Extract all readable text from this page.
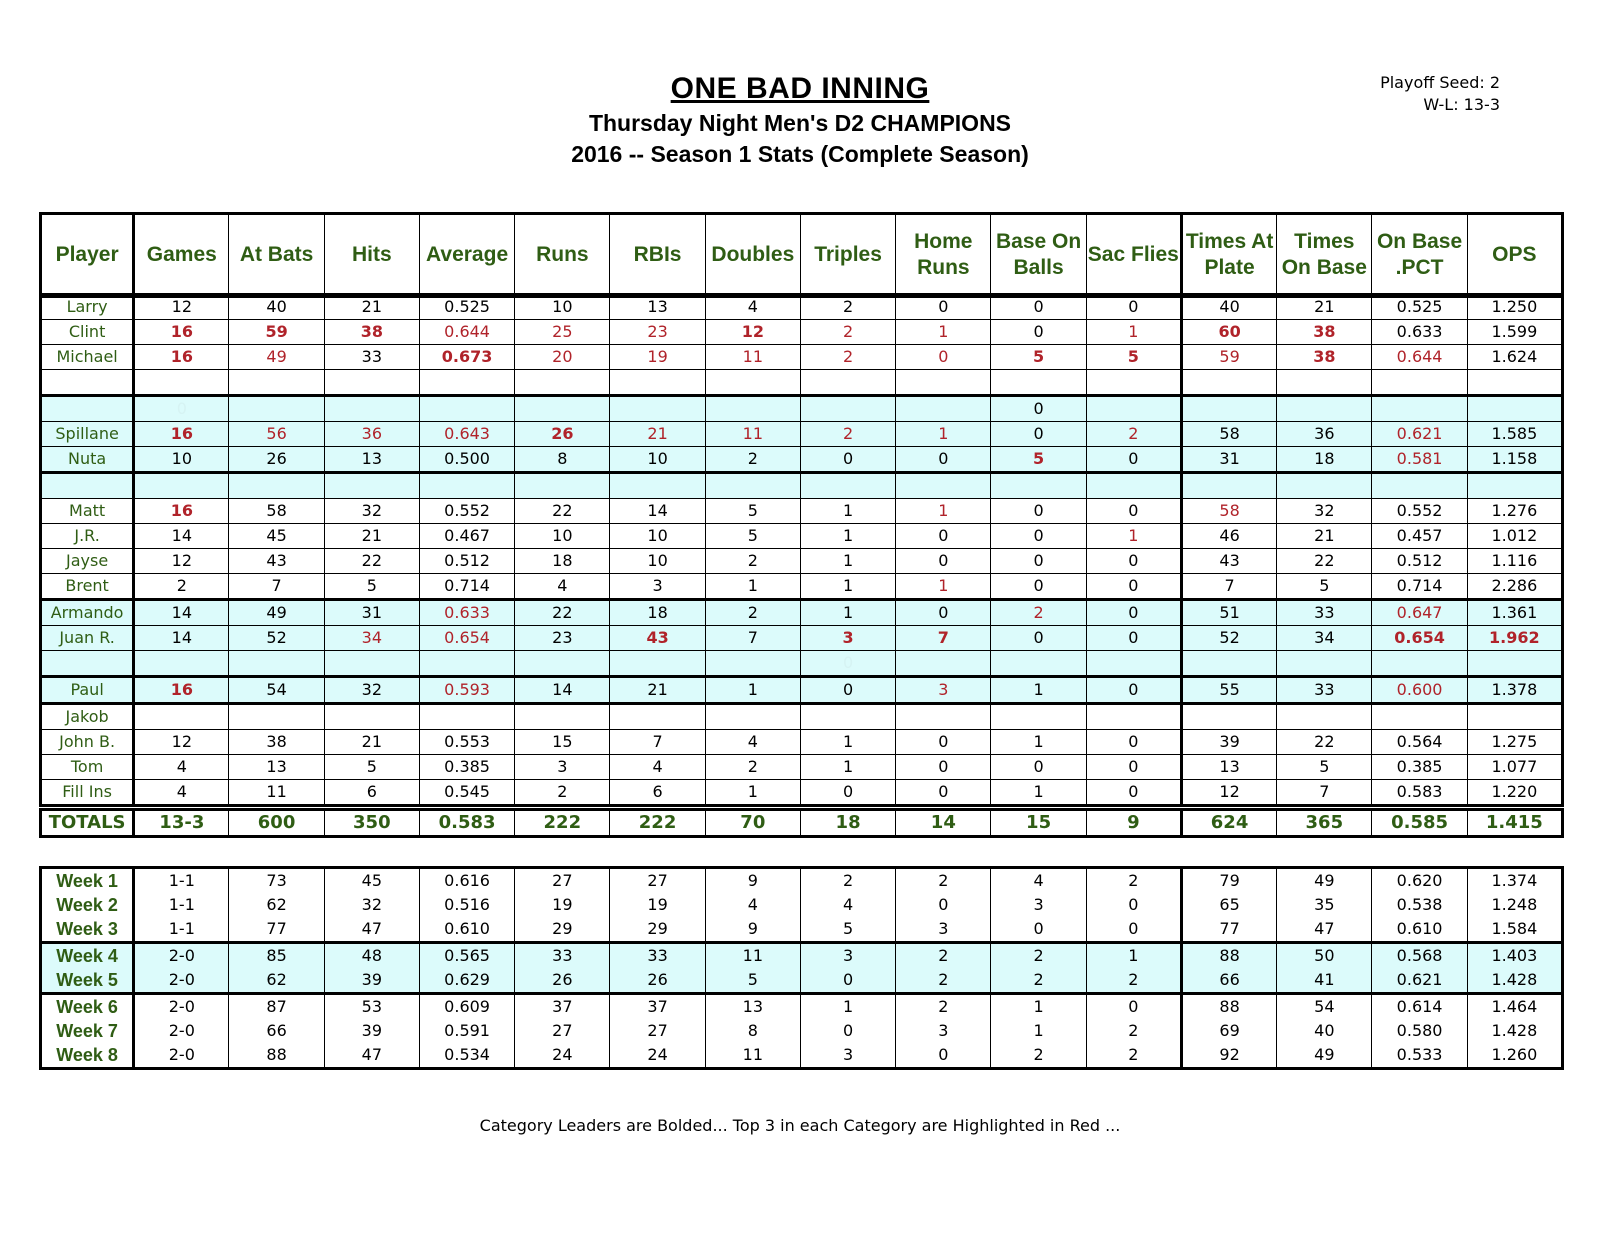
ONE BAD INNING

Thursday Night Men's D2 CHAMPIONS

2016 -- Season 1 Stats (Complete Season)

Playoff Seed: 2
W-L: 13-3
Player	Games	At Bats	Hits	Average	Runs	RBIs	Doubles	Triples	Home Runs	Base On Balls	Sac Flies	Times At Plate	Times On Base	On Base .PCT	OPS
Larry	12	40	21	0.525	10	13	4	2	0	0	0	40	21	0.525	1.250
Clint	16	59	38	0.644	25	23	12	2	1	0	1	60	38	0.633	1.599
Michael	16	49	33	0.673	20	19	11	2	0	5	5	59	38	0.644	1.624

	0									0					
Spillane	16	56	36	0.643	26	21	11	2	1	0	2	58	36	0.621	1.585
Nuta	10	26	13	0.500	8	10	2	0	0	5	0	31	18	0.581	1.158

Matt	16	58	32	0.552	22	14	5	1	1	0	0	58	32	0.552	1.276
J.R.	14	45	21	0.467	10	10	5	1	0	0	1	46	21	0.457	1.012
Jayse	12	43	22	0.512	18	10	2	1	0	0	0	43	22	0.512	1.116
Brent	2	7	5	0.714	4	3	1	1	1	0	0	7	5	0.714	2.286
Armando	14	49	31	0.633	22	18	2	1	0	2	0	51	33	0.647	1.361
Juan R.	14	52	34	0.654	23	43	7	3	7	0	0	52	34	0.654	1.962
								0							
Paul	16	54	32	0.593	14	21	1	0	3	1	0	55	33	0.600	1.378
Jakob															
John B.	12	38	21	0.553	15	7	4	1	0	1	0	39	22	0.564	1.275
Tom	4	13	5	0.385	3	4	2	1	0	0	0	13	5	0.385	1.077
Fill Ins	4	11	6	0.545	2	6	1	0	0	1	0	12	7	0.583	1.220
TOTALS	13-3	600	350	0.583	222	222	70	18	14	15	9	624	365	0.585	1.415
Week 1	1-1	73	45	0.616	27	27	9	2	2	4	2	79	49	0.620	1.374
Week 2	1-1	62	32	0.516	19	19	4	4	0	3	0	65	35	0.538	1.248
Week 3	1-1	77	47	0.610	29	29	9	5	3	0	0	77	47	0.610	1.584
Week 4	2-0	85	48	0.565	33	33	11	3	2	2	1	88	50	0.568	1.403
Week 5	2-0	62	39	0.629	26	26	5	0	2	2	2	66	41	0.621	1.428
Week 6	2-0	87	53	0.609	37	37	13	1	2	1	0	88	54	0.614	1.464
Week 7	2-0	66	39	0.591	27	27	8	0	3	1	2	69	40	0.580	1.428
Week 8	2-0	88	47	0.534	24	24	11	3	0	2	2	92	49	0.533	1.260
Category Leaders are Bolded... Top 3 in each Category are Highlighted in Red ...
